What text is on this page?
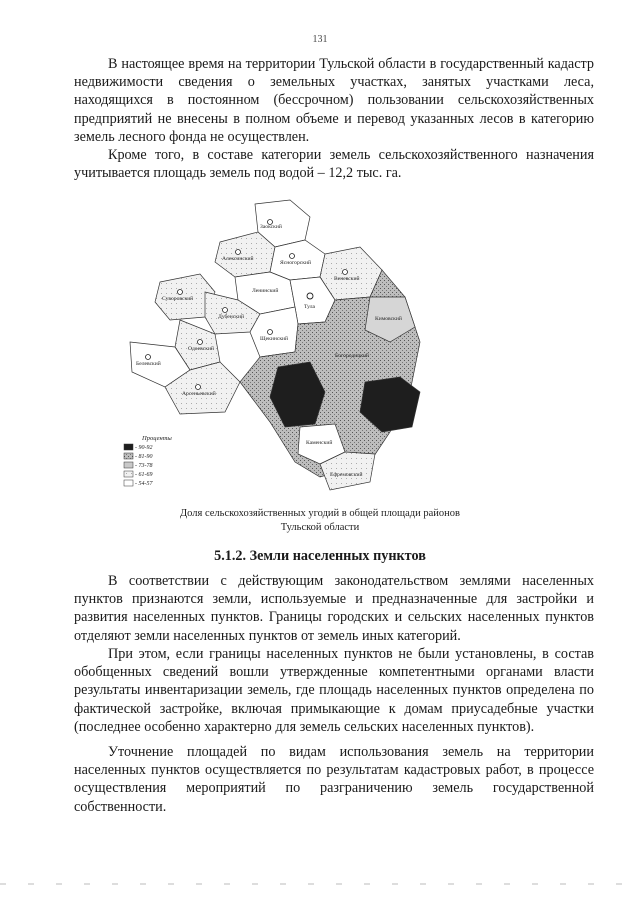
131

В настоящее время на территории Тульской области в государственный кадастр недвижимости сведения о земельных участках, занятых участками леса, находящихся в постоянном (бессрочном) пользовании сельскохозяйственных предприятий не внесены в полном объеме и перевод указанных лесов в категорию земель лесного фонда не осуществлен.

Кроме того, в составе категории земель сельскохозяйственного назначения учитывается площадь земель под водой – 12,2 тыс. га.

Заокский
Алексинский
Ясногорский
Веневский
Ленинский
Тула
Суворовский
Дубенский
Щекинский
Одоевский
Белевский
Арсеньевский
Кимовский
Богородицкий
Каменский
Ефремовский
Проценты
- 90-92
- 81-90
- 73-78
- 61-69
- 54-57
Доля сельскохозяйственных угодий в общей площади районов
Тульской области
5.1.2. Земли населенных пунктов

В соответствии с действующим законодательством землями населенных пунктов признаются земли, используемые и предназначенные для застройки и развития населенных пунктов. Границы городских и сельских населенных пунктов отделяют земли населенных пунктов от земель иных категорий.

При этом, если границы населенных пунктов не были установлены, в состав обобщенных сведений вошли утвержденные компетентными органами власти результаты инвентаризации земель, где площадь населенных пунктов определена по фактической застройке, включая примыкающие к домам приусадебные участки (последнее особенно характерно для земель сельских населенных пунктов).

Уточнение площадей по видам использования земель на территории населенных пунктов осуществляется по результатам кадастровых работ, в процессе осуществления мероприятий по разграничению земель государственной собственности.
